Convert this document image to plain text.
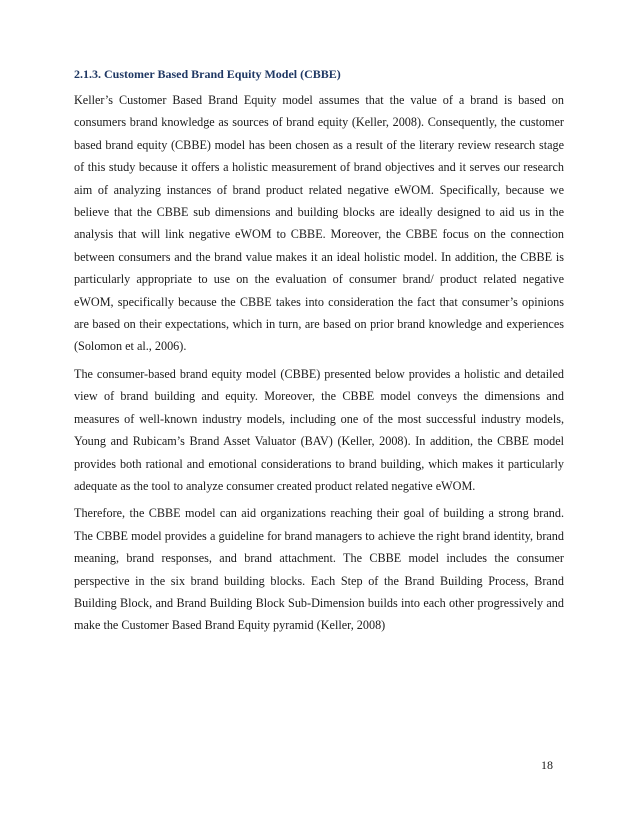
2.1.3. Customer Based Brand Equity Model (CBBE)

Keller’s Customer Based Brand Equity model assumes that the value of a brand is based on consumers brand knowledge as sources of brand equity (Keller, 2008). Consequently, the customer based brand equity (CBBE) model has been chosen as a result of the literary review research stage of this study because it offers a holistic measurement of brand objectives and it serves our research aim of analyzing instances of brand product related negative eWOM. Specifically, because we believe that the CBBE sub dimensions and building blocks are ideally designed to aid us in the analysis that will link negative eWOM to CBBE. Moreover, the CBBE focus on the connection between consumers and the brand value makes it an ideal holistic model. In addition, the CBBE is particularly appropriate to use on the evaluation of consumer brand/ product related negative eWOM, specifically because the CBBE takes into consideration the fact that consumer’s opinions are based on their expectations, which in turn, are based on prior brand knowledge and experiences (Solomon et al., 2006).

The consumer-based brand equity model (CBBE) presented below provides a holistic and detailed view of brand building and equity. Moreover, the CBBE model conveys the dimensions and measures of well-known industry models, including one of the most successful industry models, Young and Rubicam’s Brand Asset Valuator (BAV) (Keller, 2008). In addition, the CBBE model provides both rational and emotional considerations to brand building, which makes it particularly adequate as the tool to analyze consumer created product related negative eWOM.

Therefore, the CBBE model can aid organizations reaching their goal of building a strong brand. The CBBE model provides a guideline for brand managers to achieve the right brand identity, brand meaning, brand responses, and brand attachment. The CBBE model includes the consumer perspective in the six brand building blocks. Each Step of the Brand Building Process, Brand Building Block, and Brand Building Block Sub-Dimension builds into each other progressively and make the Customer Based Brand Equity pyramid (Keller, 2008)

18
